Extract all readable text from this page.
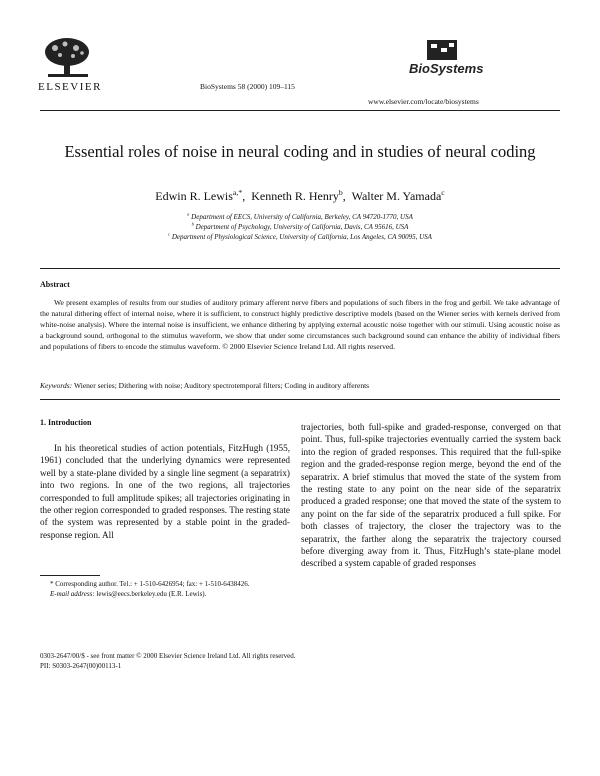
ELSEVIER	BioSystems 58 (2000) 109–115
BioSystems
www.elsevier.com/locate/biosystems
Essential roles of noise in neural coding and in studies of neural coding
Edwin R. Lewis$^{a,*}$,  Kenneth R. Henry$^b$,  Walter M. Yamada$^c$
$^a$ Department of EECS, University of California, Berkeley, CA 94720-1770, USA
$^b$ Department of Psychology, University of California, Davis, CA 95616, USA
$^c$ Department of Physiological Science, University of California, Los Angeles, CA 90095, USA
Abstract
We present examples of results from our studies of auditory primary afferent nerve fibers and populations of such fibers in the frog and gerbil. We take advantage of the natural dithering effect of internal noise, where it is sufficient, to construct highly predictive descriptive models (based on the Wiener series with kernels derived from white-noise analysis). Where the internal noise is insufficient, we enhance dithering by applying external acoustic noise together with our stimuli. Using acoustic noise as a background sound, orthogonal to the stimulus waveform, we show that under some circumstances such background sound can enhance the ability of individual fibers and populations of fibers to encode the stimulus waveform. © 2000 Elsevier Science Ireland Ltd. All rights reserved.
Keywords: Wiener series; Dithering with noise; Auditory spectrotemporal filters; Coding in auditory afferents
1. Introduction

In his theoretical studies of action potentials, FitzHugh (1955, 1961) concluded that the underlying dynamics were represented well by a state-plane divided by a single line segment (a separatrix) into two regions. In one of the two regions, all trajectories corresponded to full amplitude spikes; all trajectories originating in the other region corresponded to graded responses. The resting state of the system was represented by a stable point in the graded-response region. All

trajectories, both full-spike and graded-response, converged on that point. Thus, full-spike trajectories eventually carried the system back into the region of graded responses. This required that the full-spike region and the graded-response region merge, beyond the end of the separatrix. A brief stimulus that moved the state of the system from the resting state to any point on the near side of the separatrix produced a graded response; one that moved the state of the system to any point on the far side of the separatrix produced a full spike. For both classes of trajectory, the closer the trajectory was to the separatrix, the farther along the separatrix the trajectory coursed before diverging away from it. Thus, FitzHugh’s state-plane model described a system capable of graded responses

* Corresponding author. Tel.: + 1-510-6426954; fax: + 1-510-6438426.

E-mail address: lewis@eecs.berkeley.edu (E.R. Lewis).

0303-2647/00/$ - see front matter © 2000 Elsevier Science Ireland Ltd. All rights reserved.

PII: S0303-2647(00)00113-1
